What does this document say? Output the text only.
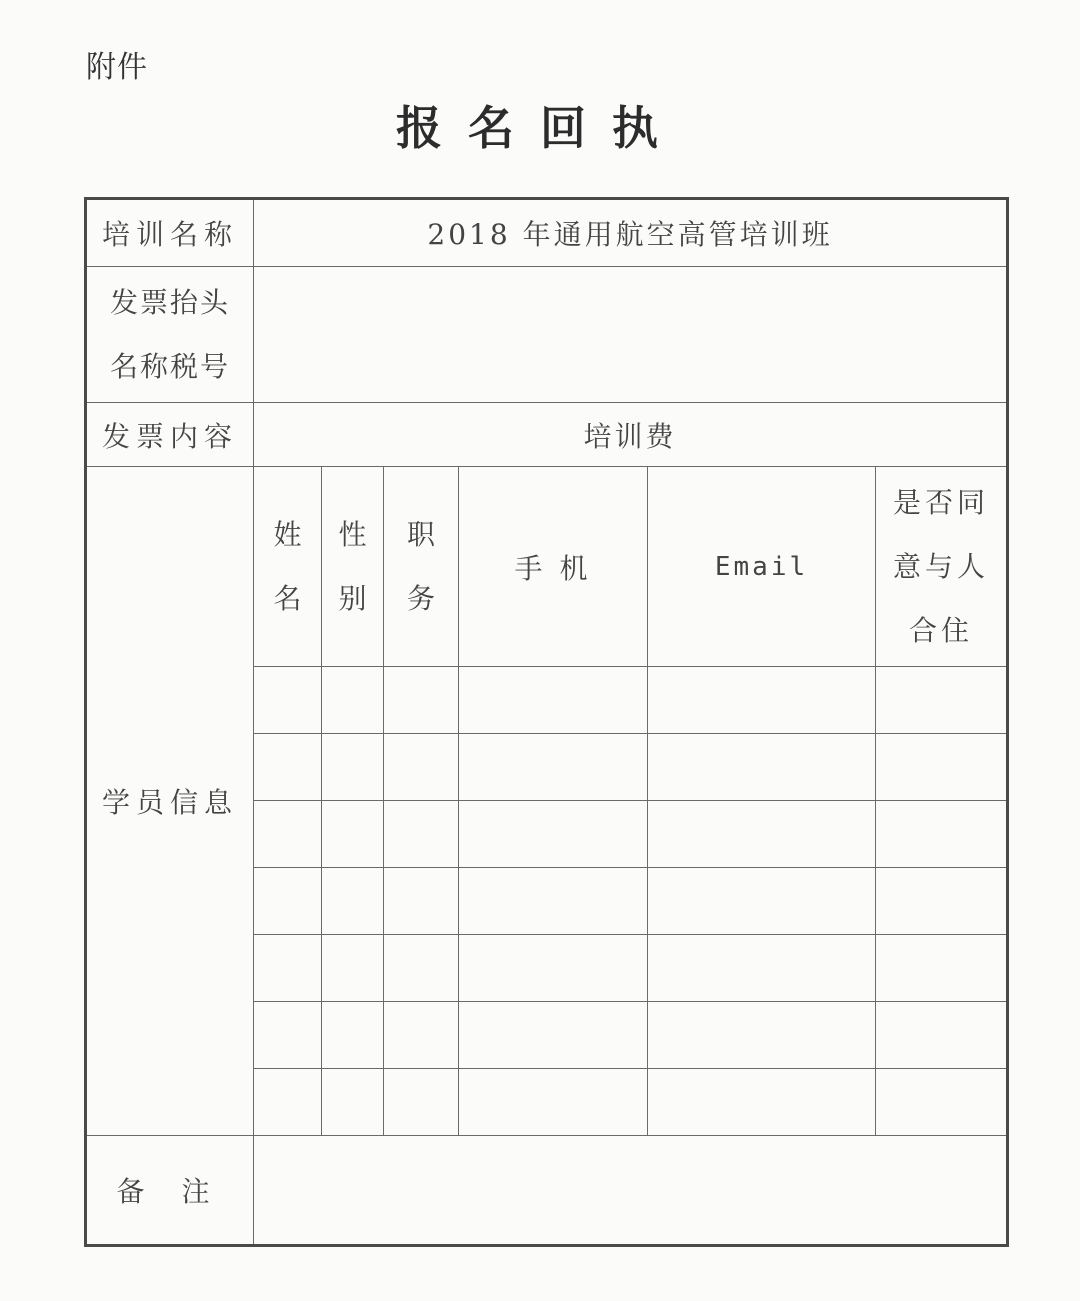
附件
报名回执
培训名称	2018 年通用航空高管培训班					

发票抬头
名称税号						

发票内容	培训费					
学员信息	姓名	性别	职务	手 机	Email	是否同意与人合住

备 注						
